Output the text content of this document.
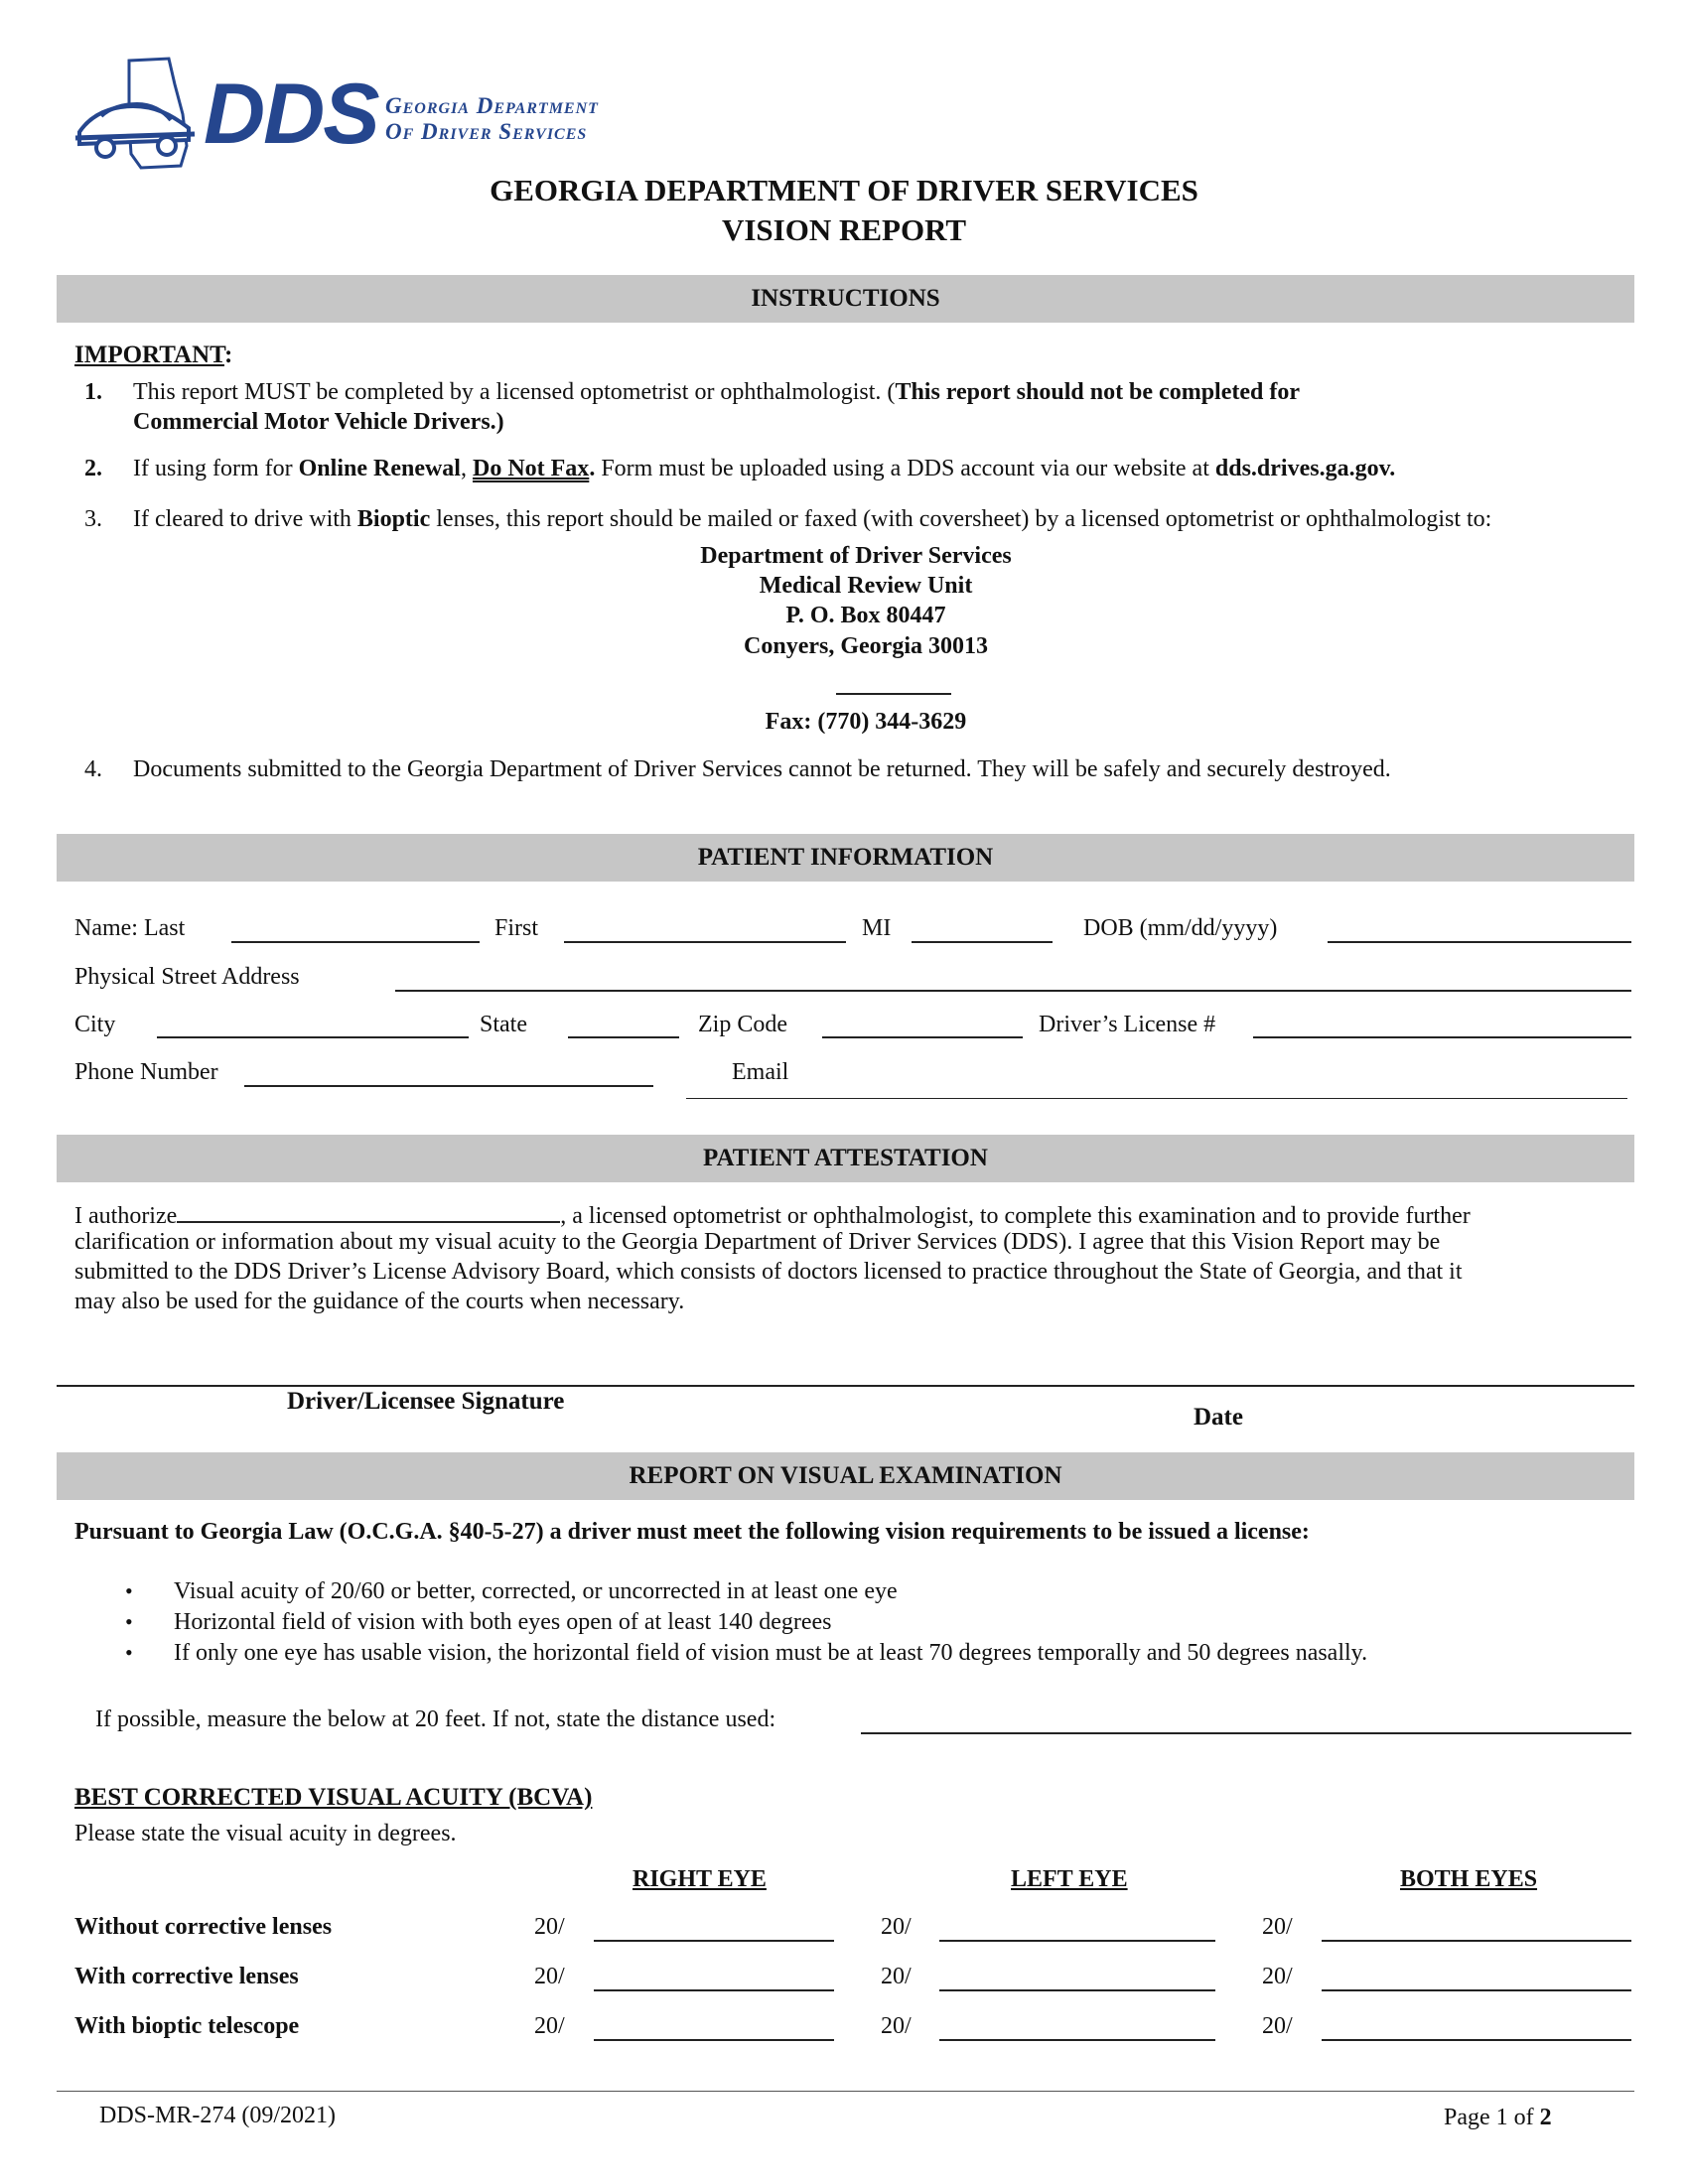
DDS Georgia Department
Of Driver Services
GEORGIA DEPARTMENT OF DRIVER SERVICES
VISION REPORT
INSTRUCTIONS
IMPORTANT:
1. This report MUST be completed by a licensed optometrist or ophthalmologist. (This report should not be completed for
Commercial Motor Vehicle Drivers.)
2. If using form for Online Renewal, Do Not Fax. Form must be uploaded using a DDS account via our website at dds.drives.ga.gov.
3. If cleared to drive with Bioptic lenses, this report should be mailed or faxed (with coversheet) by a licensed optometrist or ophthalmologist to:
Department of Driver Services
Medical Review Unit
P. O. Box 80447
Conyers, Georgia 30013
Fax: (770) 344-3629
4. Documents submitted to the Georgia Department of Driver Services cannot be returned. They will be safely and securely destroyed.
PATIENT INFORMATION
Name: Last	First	MI	DOB (mm/dd/yyyy)
Physical Street Address
City	State	Zip Code	Driver’s License #
Phone Number	Email
PATIENT ATTESTATION
I authorize	, a licensed optometrist or ophthalmologist, to complete this examination and to provide further
clarification or information about my visual acuity to the Georgia Department of Driver Services (DDS). I agree that this Vision Report may be
submitted to the DDS Driver’s License Advisory Board, which consists of doctors licensed to practice throughout the State of Georgia, and that it
may also be used for the guidance of the courts when necessary.
Driver/Licensee Signature
Date
REPORT ON VISUAL EXAMINATION
Pursuant to Georgia Law (O.C.G.A. §40-5-27) a driver must meet the following vision requirements to be issued a license:
• Visual acuity of 20/60 or better, corrected, or uncorrected in at least one eye
• Horizontal field of vision with both eyes open of at least 140 degrees
• If only one eye has usable vision, the horizontal field of vision must be at least 70 degrees temporally and 50 degrees nasally.
If possible, measure the below at 20 feet. If not, state the distance used:
BEST CORRECTED VISUAL ACUITY (BCVA)
Please state the visual acuity in degrees.
RIGHT EYE	LEFT EYE	BOTH EYES
Without corrective lenses	20/	20/	20/
With corrective lenses	20/	20/	20/
With bioptic telescope	20/	20/	20/
DDS-MR-274 (09/2021)	Page 1 of 2
